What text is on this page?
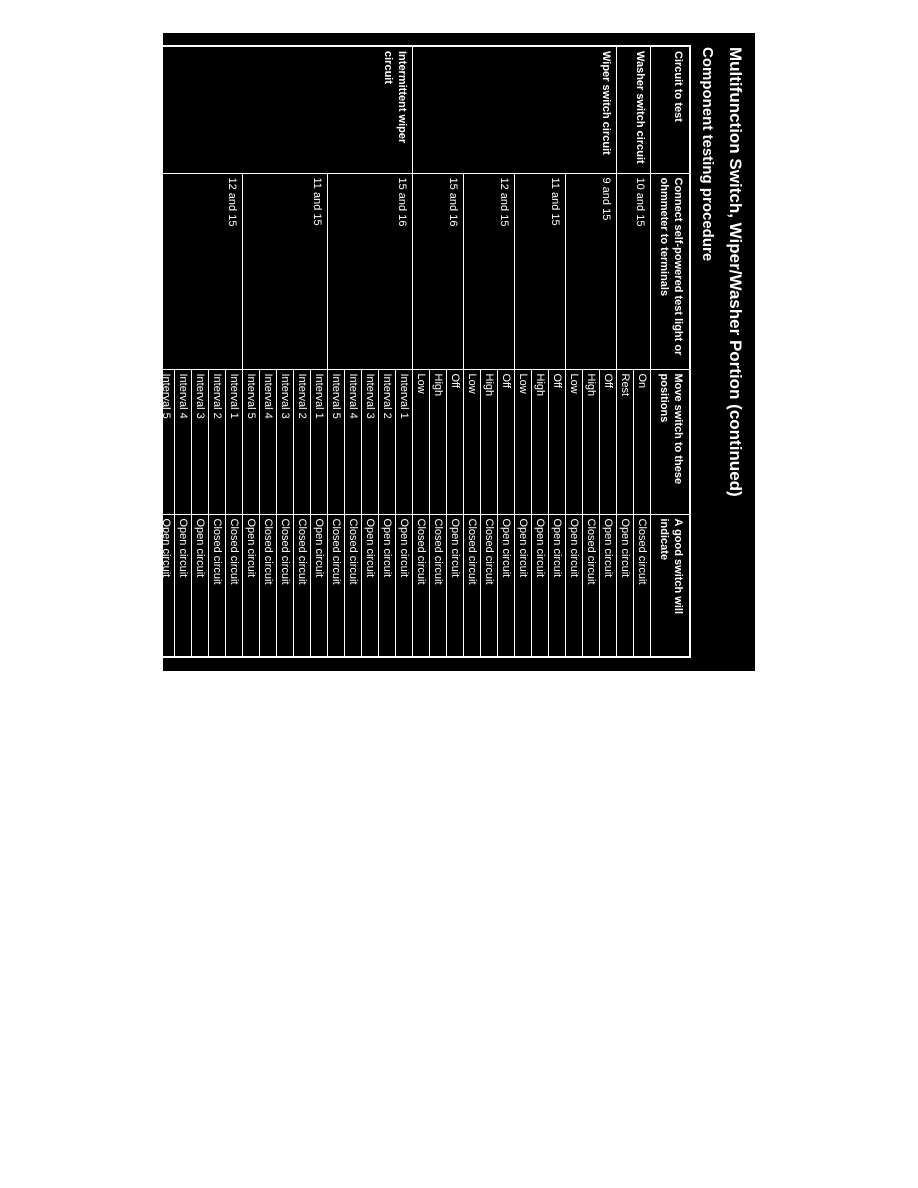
Multifunction Switch, Wiper/Washer Portion (continued)
Component testing procedure
Circuit to test	Connect self-powered test light or ohmmeter to terminals	Move switch to these positions	A good switch will indicate
Washer switch circuit	10 and 15	On	Closed circuit
		Rest	Open circuit
Wiper switch circuit	9 and 15	Off	Open circuit
		High	Closed circuit
		Low	Open circuit
	11 and 15	Off	Open circuit
		High	Open circuit
		Low	Open circuit
	12 and 15	Off	Open circuit
		High	Closed circuit
		Low	Closed circuit
	15 and 16	Off	Open circuit
		High	Closed circuit
		Low	Closed circuit
Intermittent wiper circuit	15 and 16	Interval 1	Open circuit
		Interval 2	Open circuit
		Interval 3	Open circuit
		Interval 4	Closed circuit
		Interval 5	Closed circuit
	11 and 15	Interval 1	Open circuit
		Interval 2	Closed circuit
		Interval 3	Closed circuit
		Interval 4	Closed circuit
		Interval 5	Open circuit
	12 and 15	Interval 1	Closed circuit
		Interval 2	Closed circuit
		Interval 3	Open circuit
		Interval 4	Open circuit
		Interval 5	Open circuit
